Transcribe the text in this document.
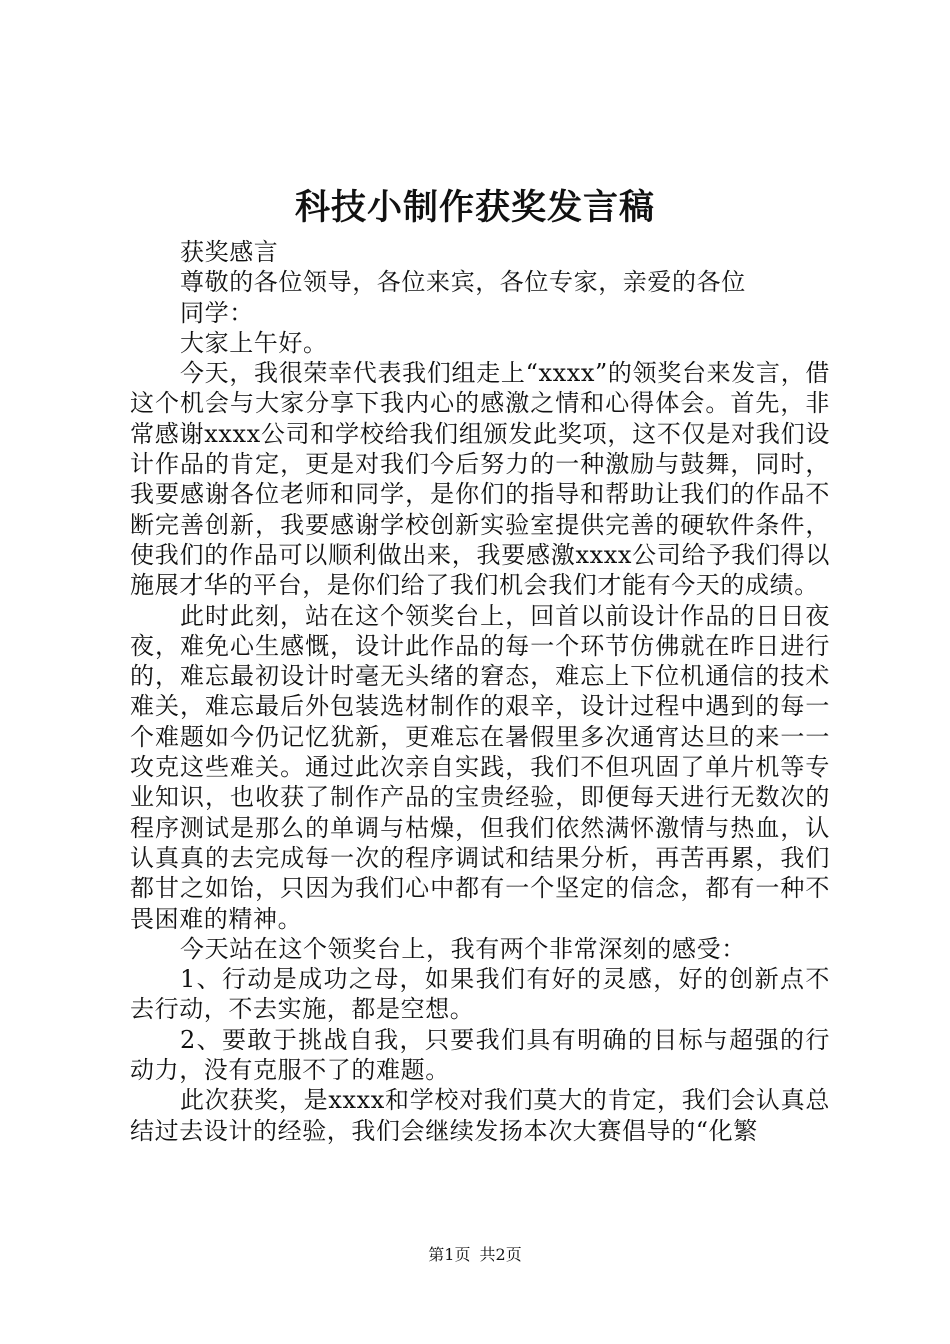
科技小制作获奖发言稿

获奖感言

尊敬的各位领导，各位来宾，各位专家，亲爱的各位

同学：

大家上午好。

今天，我很荣幸代表我们组走上“xxxx”的领奖台来发言，借这个机会与大家分享下我内心的感激之情和心得体会。首先，非常感谢xxxx公司和学校给我们组颁发此奖项，这不仅是对我们设计作品的肯定，更是对我们今后努力的一种激励与鼓舞，同时，我要感谢各位老师和同学，是你们的指导和帮助让我们的作品不断完善创新，我要感谢学校创新实验室提供完善的硬软件条件，使我们的作品可以顺利做出来，我要感激xxxx公司给予我们得以施展才华的平台，是你们给了我们机会我们才能有今天的成绩。

此时此刻，站在这个领奖台上，回首以前设计作品的日日夜夜，难免心生感慨，设计此作品的每一个环节仿佛就在昨日进行的，难忘最初设计时毫无头绪的窘态，难忘上下位机通信的技术难关，难忘最后外包装选材制作的艰辛，设计过程中遇到的每一个难题如今仍记忆犹新，更难忘在暑假里多次通宵达旦的来一一攻克这些难关。通过此次亲自实践，我们不但巩固了单片机等专业知识，也收获了制作产品的宝贵经验，即便每天进行无数次的程序测试是那么的单调与枯燥，但我们依然满怀激情与热血，认认真真的去完成每一次的程序调试和结果分析，再苦再累，我们都甘之如饴，只因为我们心中都有一个坚定的信念，都有一种不畏困难的精神。

今天站在这个领奖台上，我有两个非常深刻的感受：

1、行动是成功之母，如果我们有好的灵感，好的创新点不去行动，不去实施，都是空想。

2、要敢于挑战自我，只要我们具有明确的目标与超强的行动力，没有克服不了的难题。

此次获奖，是xxxx和学校对我们莫大的肯定，我们会认真总结过去设计的经验，我们会继续发扬本次大赛倡导的“化繁

第1页 共2页
